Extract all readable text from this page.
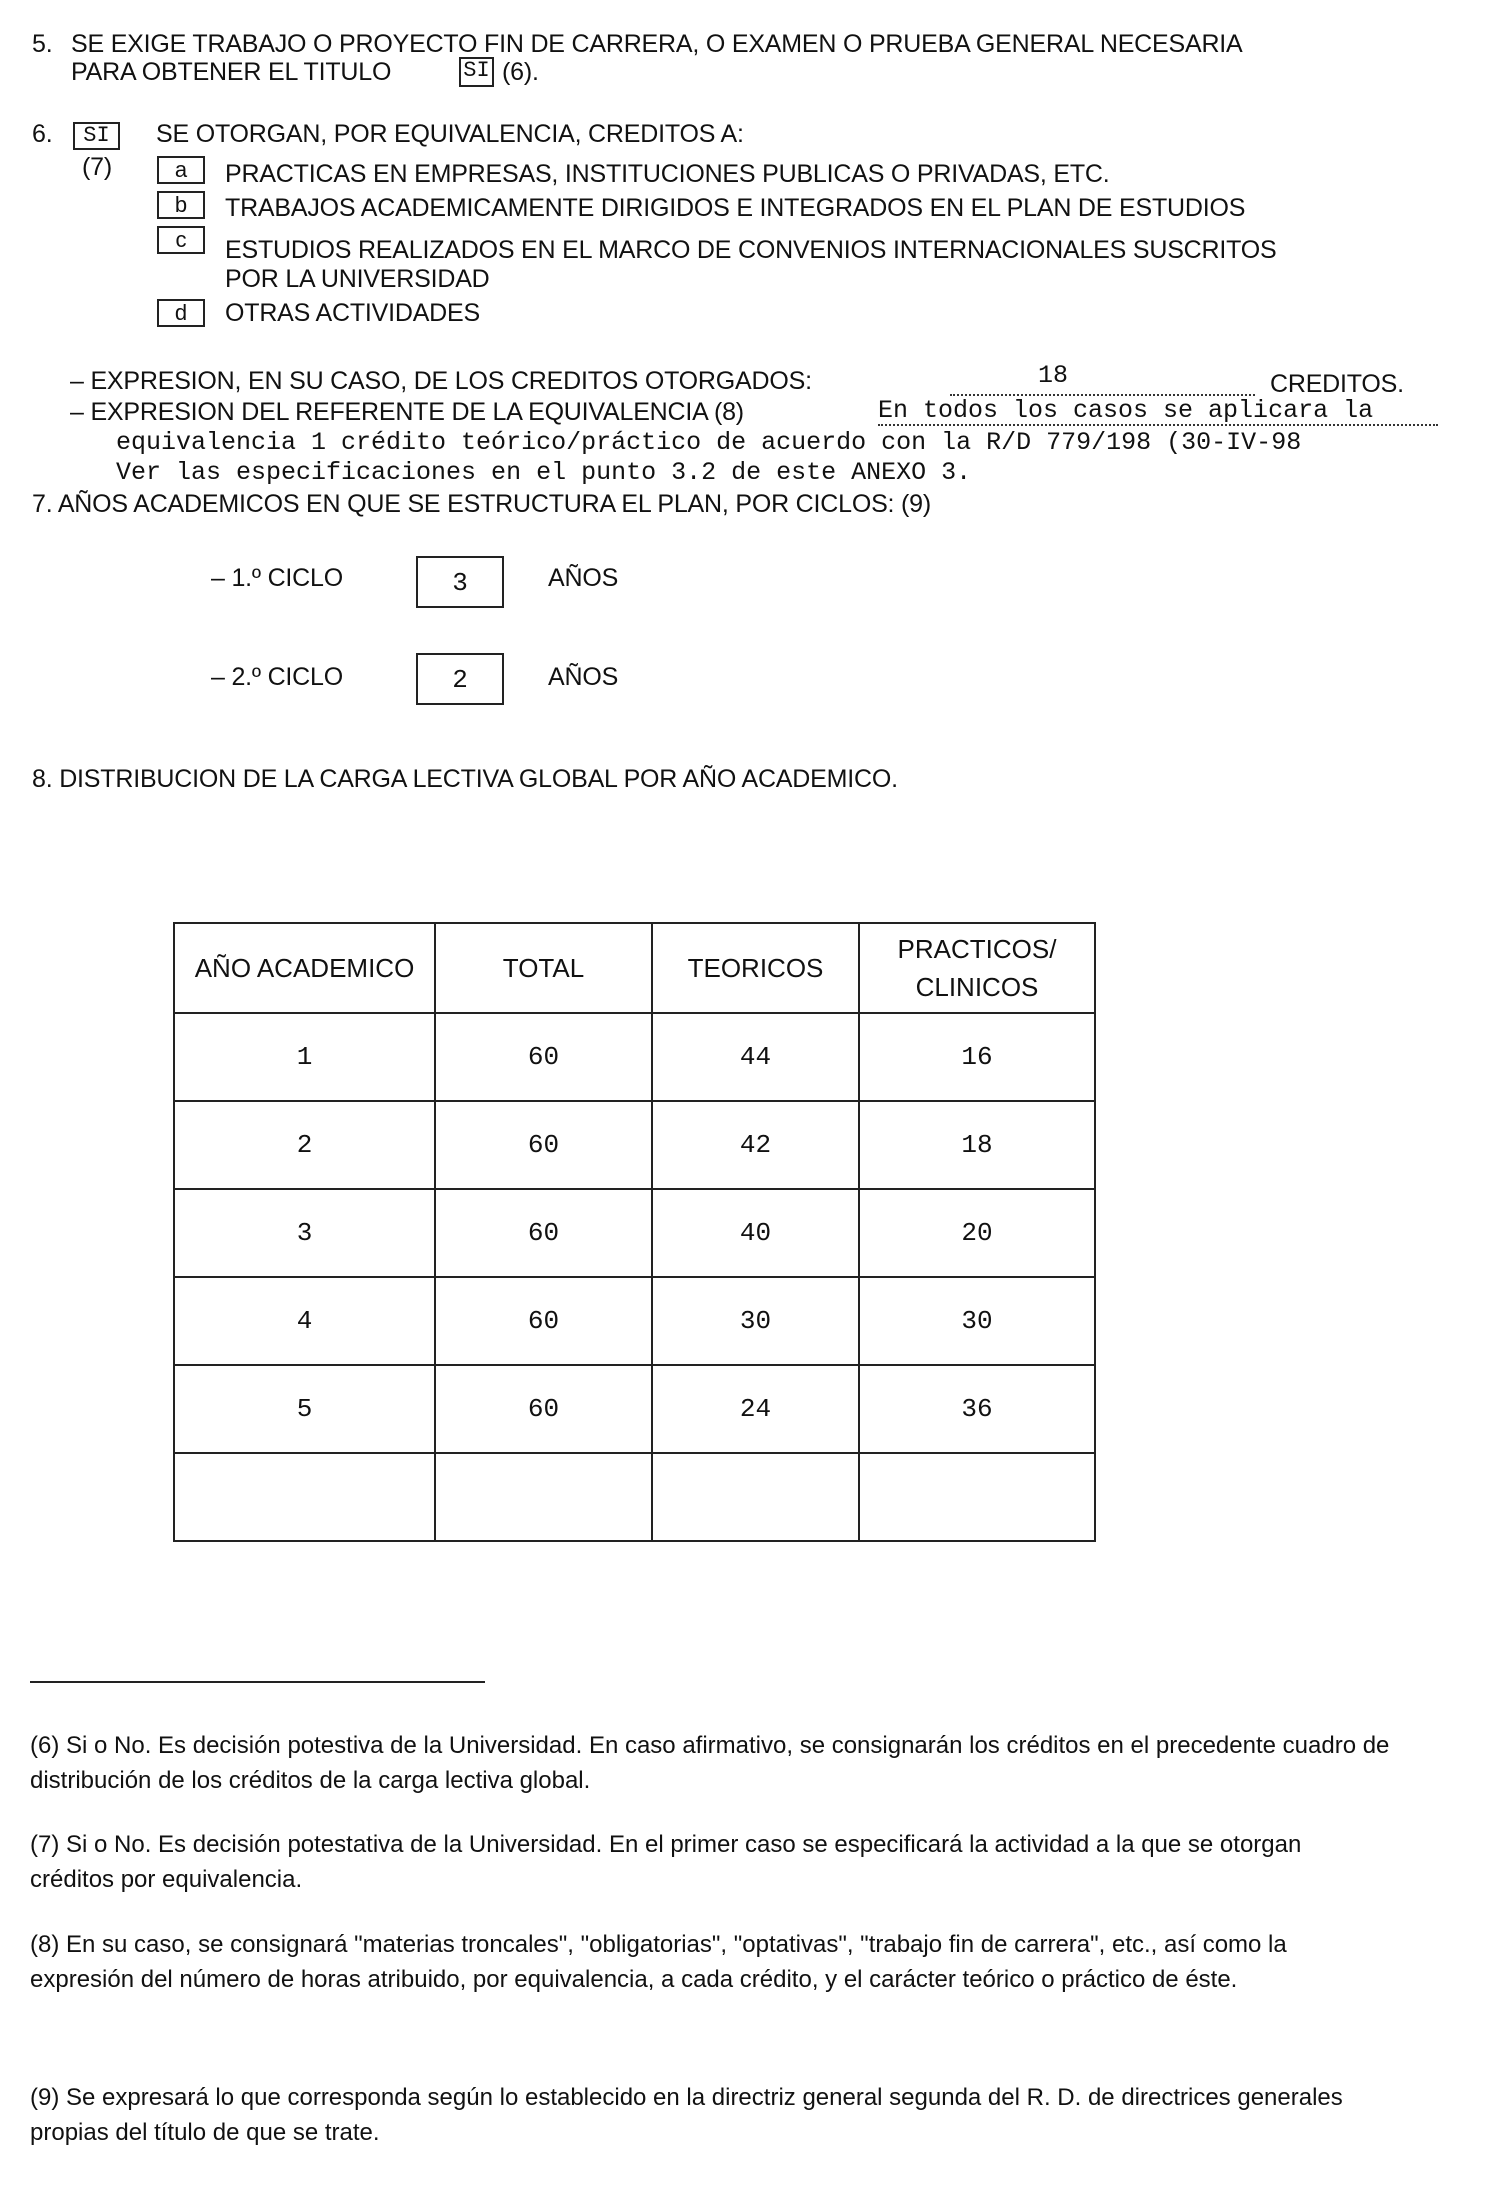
5. SE EXIGE TRABAJO O PROYECTO FIN DE CARRERA, O EXAMEN O PRUEBA GENERAL NECESARIA
PARA OBTENER EL TITULO	SI (6).
6.	SI
(7)
SE OTORGAN, POR EQUIVALENCIA, CREDITOS A:
a	PRACTICAS EN EMPRESAS, INSTITUCIONES PUBLICAS O PRIVADAS, ETC.
b	TRABAJOS ACADEMICAMENTE DIRIGIDOS E INTEGRADOS EN EL PLAN DE ESTUDIOS
c	ESTUDIOS REALIZADOS EN EL MARCO DE CONVENIOS INTERNACIONALES SUSCRITOS
POR LA UNIVERSIDAD
d	OTRAS ACTIVIDADES
– EXPRESION, EN SU CASO, DE LOS CREDITOS OTORGADOS:	18	CREDITOS.
– EXPRESION DEL REFERENTE DE LA EQUIVALENCIA (8)	En todos los casos se aplicara la
equivalencia 1 crédito teórico/práctico de acuerdo con la R/D 779/198 (30-IV-98
Ver las especificaciones en el punto 3.2 de este ANEXO 3.
7. AÑOS ACADEMICOS EN QUE SE ESTRUCTURA EL PLAN, POR CICLOS: (9)
– 1.º CICLO	3	AÑOS
– 2.º CICLO	2	AÑOS
8. DISTRIBUCION DE LA CARGA LECTIVA GLOBAL POR AÑO ACADEMICO.
AÑO ACADEMICO	TOTAL	TEORICOS	PRACTICOS/
CLINICOS
1	60	44	16
2	60	42	18
3	60	40	20
4	60	30	30
5	60	24	36

(6) Si o No. Es decisión potestiva de la Universidad. En caso afirmativo, se consignarán los créditos en el precedente cuadro de distribución de los créditos de la carga lectiva global.
(7) Si o No. Es decisión potestativa de la Universidad. En el primer caso se especificará la actividad a la que se otorgan créditos por equivalencia.
(8) En su caso, se consignará "materias troncales", "obligatorias", "optativas", "trabajo fin de carrera", etc., así como la expresión del número de horas atribuido, por equivalencia, a cada crédito, y el carácter teórico o práctico de éste.
(9) Se expresará lo que corresponda según lo establecido en la directriz general segunda del R. D. de directrices generales propias del título de que se trate.
